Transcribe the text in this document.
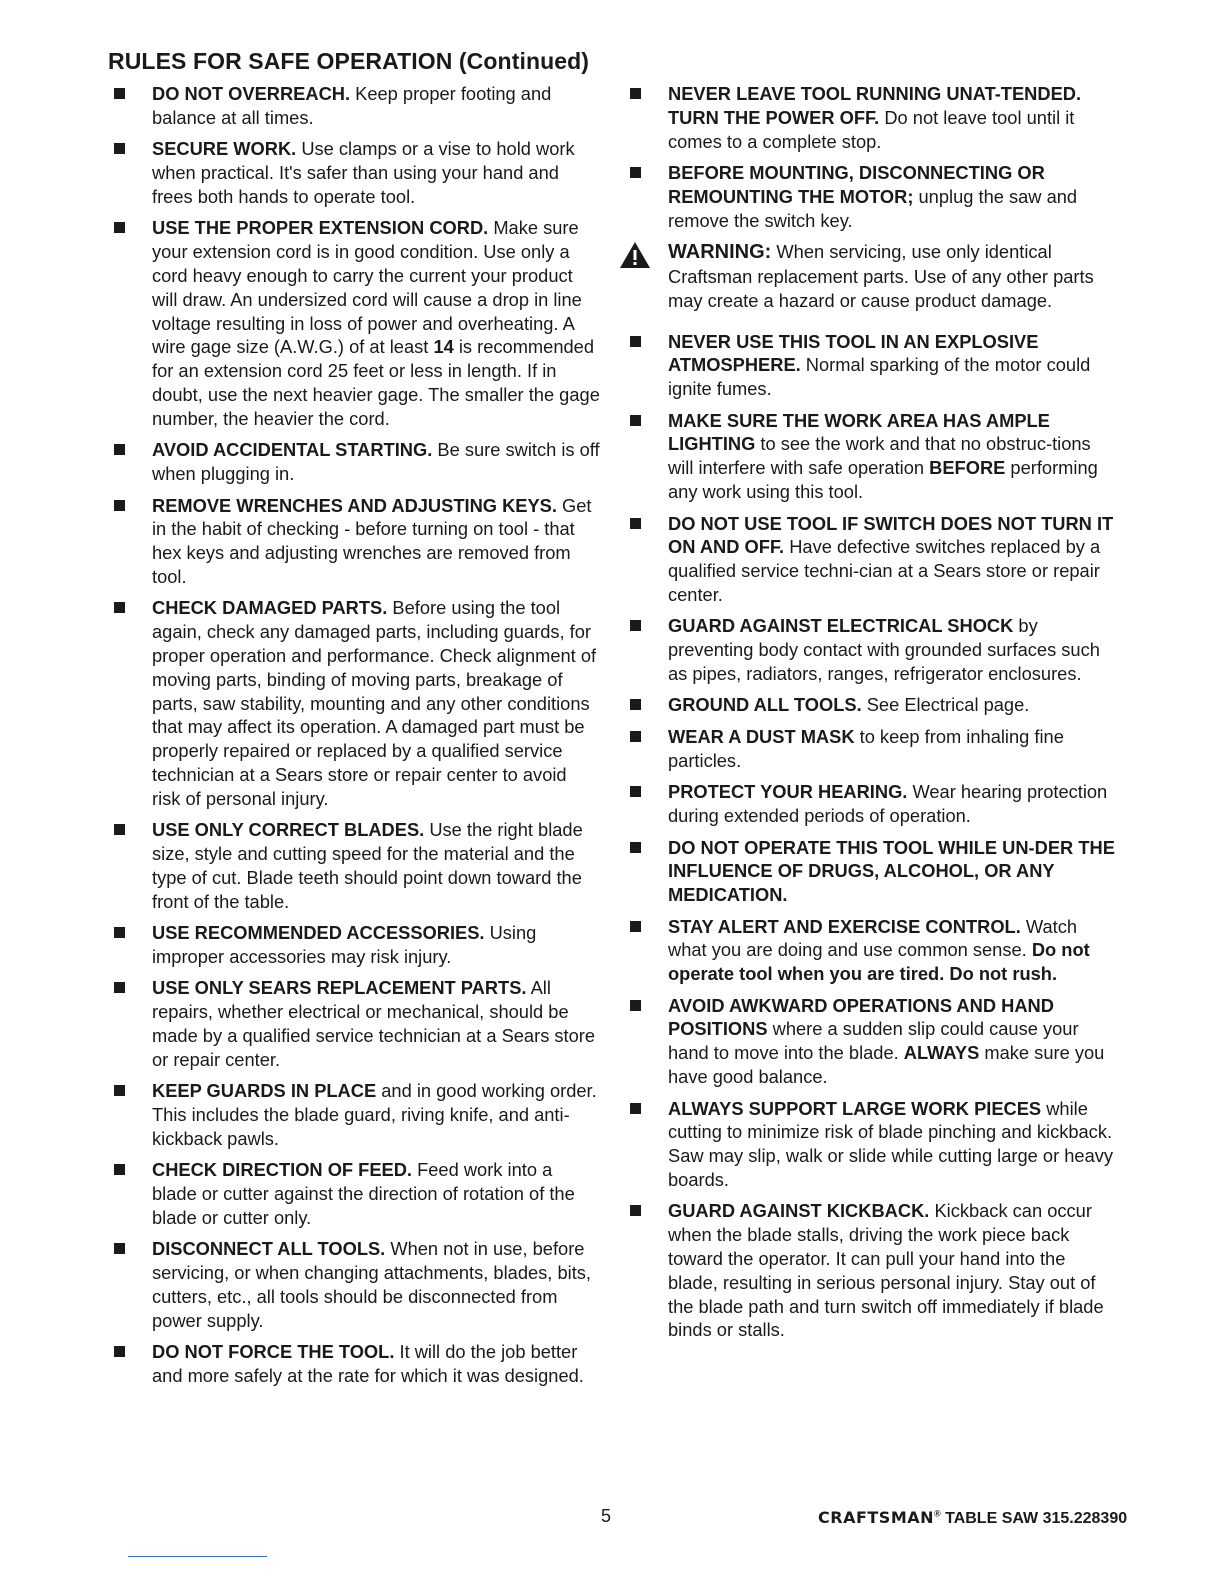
RULES FOR SAFE OPERATION (Continued)
DO NOT OVERREACH. Keep proper footing and balance at all times.
SECURE WORK. Use clamps or a vise to hold work when practical. It's safer than using your hand and frees both hands to operate tool.
USE THE PROPER EXTENSION CORD. Make sure your extension cord is in good condition. Use only a cord heavy enough to carry the current your product will draw. An undersized cord will cause a drop in line voltage resulting in loss of power and overheating. A wire gage size (A.W.G.) of at least 14 is recommended for an extension cord 25 feet or less in length. If in doubt, use the next heavier gage. The smaller the gage number, the heavier the cord.
AVOID ACCIDENTAL STARTING. Be sure switch is off when plugging in.
REMOVE WRENCHES AND ADJUSTING KEYS. Get in the habit of checking - before turning on tool - that hex keys and adjusting wrenches are removed from tool.
CHECK DAMAGED PARTS. Before using the tool again, check any damaged parts, including guards, for proper operation and performance. Check alignment of moving parts, binding of moving parts, breakage of parts, saw stability, mounting and any other conditions that may affect its operation. A damaged part must be properly repaired or replaced by a qualified service technician at a Sears store or repair center to avoid risk of personal injury.
USE ONLY CORRECT BLADES. Use the right blade size, style and cutting speed for the material and the type of cut. Blade teeth should point down toward the front of the table.
USE RECOMMENDED ACCESSORIES. Using improper accessories may risk injury.
USE ONLY SEARS REPLACEMENT PARTS. All repairs, whether electrical or mechanical, should be made by a qualified service technician at a Sears store or repair center.
KEEP GUARDS IN PLACE and in good working order. This includes the blade guard, riving knife, and anti-kickback pawls.
CHECK DIRECTION OF FEED. Feed work into a blade or cutter against the direction of rotation of the blade or cutter only.
DISCONNECT ALL TOOLS. When not in use, before servicing, or when changing attachments, blades, bits, cutters, etc., all tools should be disconnected from power supply.
DO NOT FORCE THE TOOL. It will do the job better and more safely at the rate for which it was designed.
NEVER LEAVE TOOL RUNNING UNAT-TENDED. TURN THE POWER OFF. Do not leave tool until it comes to a complete stop.
BEFORE MOUNTING, DISCONNECTING OR REMOUNTING THE MOTOR; unplug the saw and remove the switch key.
WARNING: When servicing, use only identical Craftsman replacement parts. Use of any other parts may create a hazard or cause product damage.
NEVER USE THIS TOOL IN AN EXPLOSIVE ATMOSPHERE. Normal sparking of the motor could ignite fumes.
MAKE SURE THE WORK AREA HAS AMPLE LIGHTING to see the work and that no obstruc-tions will interfere with safe operation BEFORE performing any work using this tool.
DO NOT USE TOOL IF SWITCH DOES NOT TURN IT ON AND OFF. Have defective switches replaced by a qualified service techni-cian at a Sears store or repair center.
GUARD AGAINST ELECTRICAL SHOCK by preventing body contact with grounded surfaces such as pipes, radiators, ranges, refrigerator enclosures.
GROUND ALL TOOLS. See Electrical page.
WEAR A DUST MASK to keep from inhaling fine particles.
PROTECT YOUR HEARING. Wear hearing protection during extended periods of operation.
DO NOT OPERATE THIS TOOL WHILE UN-DER THE INFLUENCE OF DRUGS, ALCOHOL, OR ANY MEDICATION.
STAY ALERT AND EXERCISE CONTROL. Watch what you are doing and use common sense. Do not operate tool when you are tired. Do not rush.
AVOID AWKWARD OPERATIONS AND HAND POSITIONS where a sudden slip could cause your hand to move into the blade. ALWAYS make sure you have good balance.
ALWAYS SUPPORT LARGE WORK PIECES while cutting to minimize risk of blade pinching and kickback. Saw may slip, walk or slide while cutting large or heavy boards.
GUARD AGAINST KICKBACK. Kickback can occur when the blade stalls, driving the work piece back toward the operator. It can pull your hand into the blade, resulting in serious personal injury. Stay out of the blade path and turn switch off immediately if blade binds or stalls.
5	CRAFTSMAN® TABLE SAW 315.228390
